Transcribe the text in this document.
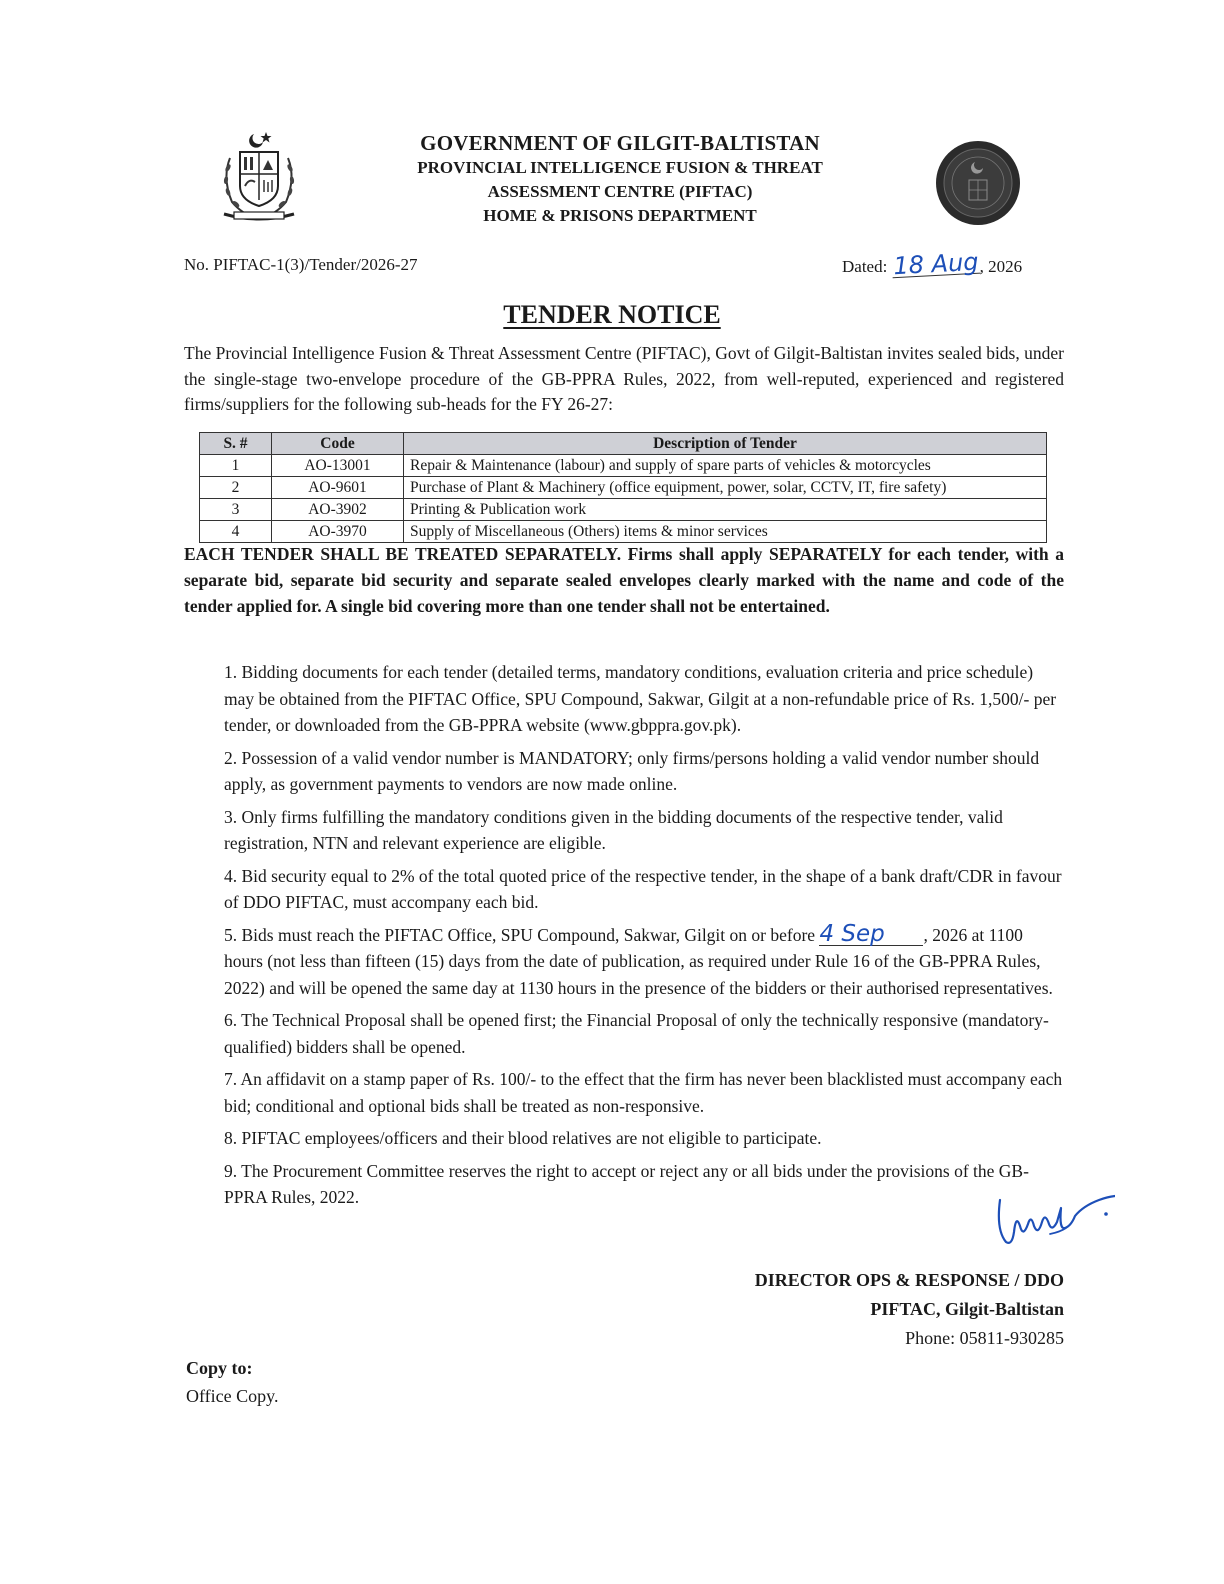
GOVERNMENT OF GILGIT-BALTISTAN
PROVINCIAL INTELLIGENCE FUSION & THREAT
ASSESSMENT CENTRE (PIFTAC)
HOME & PRISONS DEPARTMENT
No. PIFTAC-1(3)/Tender/2026-27	Dated: 18 Aug, 2026
TENDER NOTICE
The Provincial Intelligence Fusion & Threat Assessment Centre (PIFTAC), Govt of Gilgit-Baltistan invites sealed bids, under the single-stage two-envelope procedure of the GB-PPRA Rules, 2022, from well-reputed, experienced and registered firms/suppliers for the following sub-heads for the FY 26-27:
S. #	Code	Description of Tender
1	AO-13001	Repair & Maintenance (labour) and supply of spare parts of vehicles & motorcycles
2	AO-9601	Purchase of Plant & Machinery (office equipment, power, solar, CCTV, IT, fire safety)
3	AO-3902	Printing & Publication work
4	AO-3970	Supply of Miscellaneous (Others) items & minor services
EACH TENDER SHALL BE TREATED SEPARATELY. Firms shall apply SEPARATELY for each tender, with a separate bid, separate bid security and separate sealed envelopes clearly marked with the name and code of the tender applied for. A single bid covering more than one tender shall not be entertained.

1. Bidding documents for each tender (detailed terms, mandatory conditions, evaluation criteria and price schedule) may be obtained from the PIFTAC Office, SPU Compound, Sakwar, Gilgit at a non-refundable price of Rs. 1,500/- per tender, or downloaded from the GB-PPRA website (www.gbppra.gov.pk).

2. Possession of a valid vendor number is MANDATORY; only firms/persons holding a valid vendor number should apply, as government payments to vendors are now made online.

3. Only firms fulfilling the mandatory conditions given in the bidding documents of the respective tender, valid registration, NTN and relevant experience are eligible.

4. Bid security equal to 2% of the total quoted price of the respective tender, in the shape of a bank draft/CDR in favour of DDO PIFTAC, must accompany each bid.

5. Bids must reach the PIFTAC Office, SPU Compound, Sakwar, Gilgit on or before 4 Sep , 2026 at 1100 hours (not less than fifteen (15) days from the date of publication, as required under Rule 16 of the GB-PPRA Rules, 2022) and will be opened the same day at 1130 hours in the presence of the bidders or their authorised representatives.

6. The Technical Proposal shall be opened first; the Financial Proposal of only the technically responsive (mandatory-qualified) bidders shall be opened.

7. An affidavit on a stamp paper of Rs. 100/- to the effect that the firm has never been blacklisted must accompany each bid; conditional and optional bids shall be treated as non-responsive.

8. PIFTAC employees/officers and their blood relatives are not eligible to participate.

9. The Procurement Committee reserves the right to accept or reject any or all bids under the provisions of the GB-PPRA Rules, 2022.

DIRECTOR OPS & RESPONSE / DDO
PIFTAC, Gilgit-Baltistan
Phone: 05811-930285
Copy to:
Office Copy.
